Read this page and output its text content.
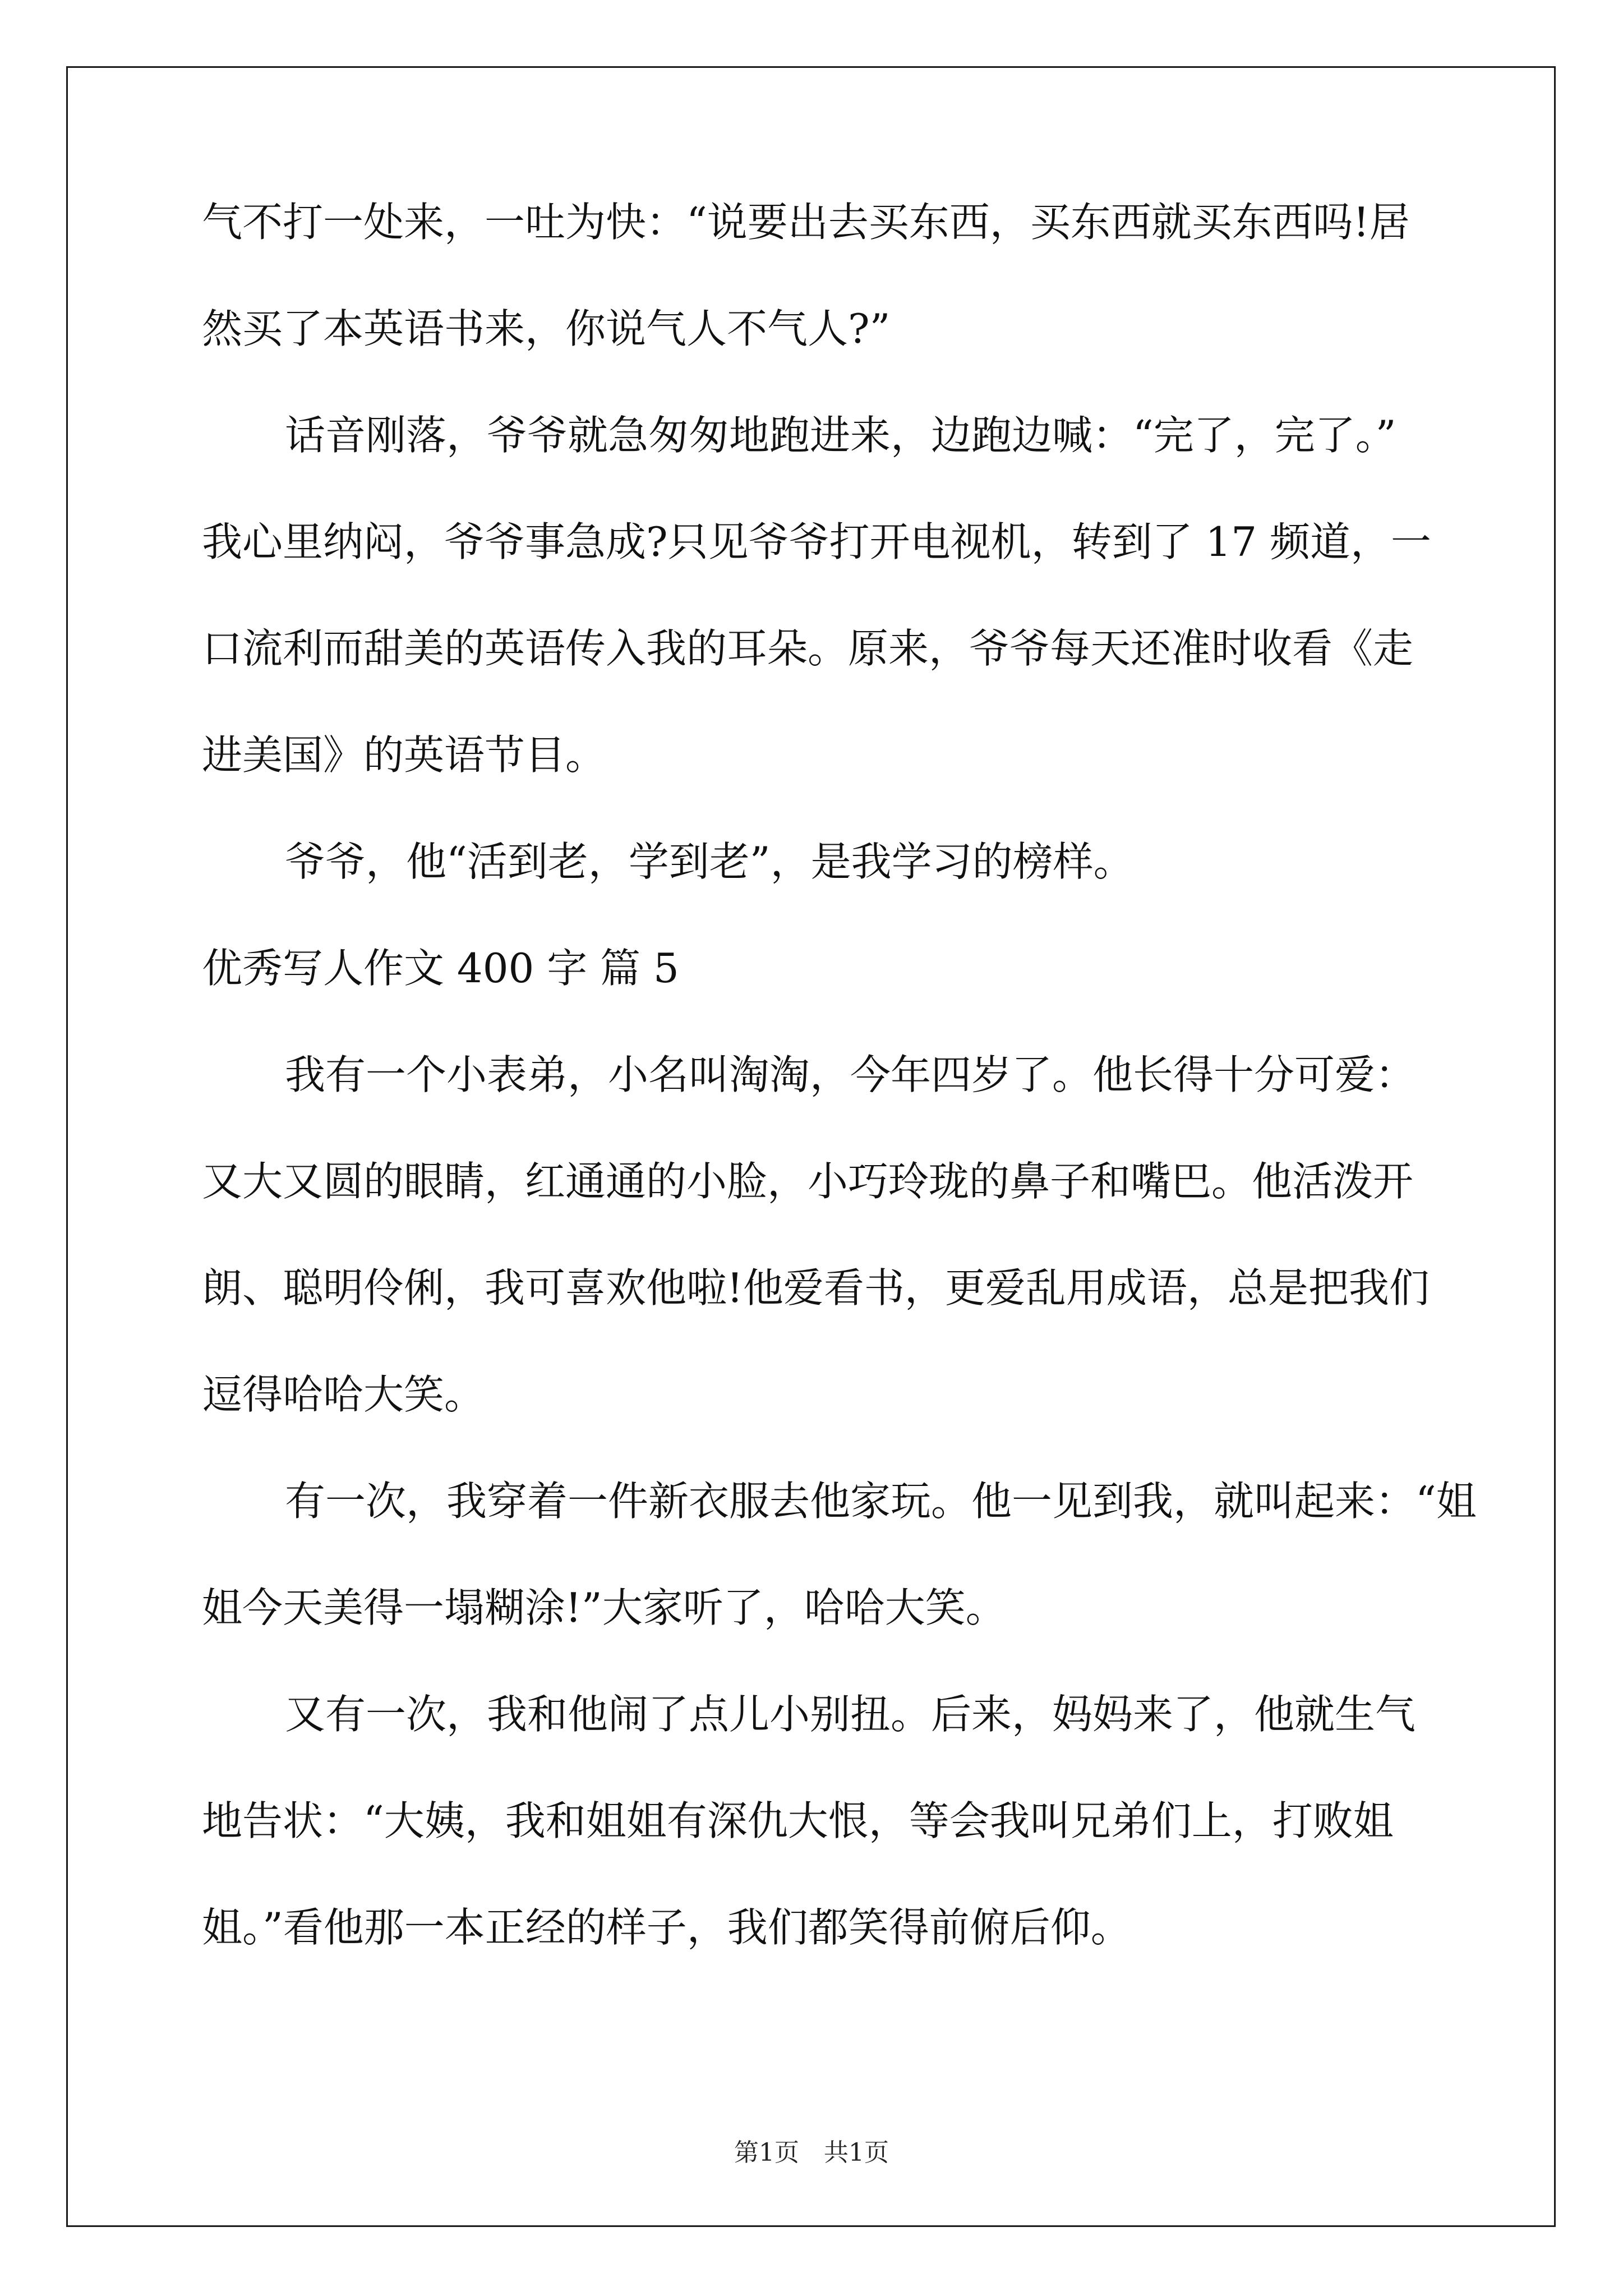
气不打一处来，一吐为快：“说要出去买东西，买东西就买东西吗!居
然买了本英语书来，你说气人不气人?”
话音刚落，爷爷就急匆匆地跑进来，边跑边喊：“完了，完了。”
我心里纳闷，爷爷事急成?只见爷爷打开电视机，转到了 17 频道，一
口流利而甜美的英语传入我的耳朵。原来，爷爷每天还准时收看《走
进美国》的英语节目。
爷爷，他“活到老，学到老”，是我学习的榜样。
优秀写人作文 400 字 篇 5
我有一个小表弟，小名叫淘淘，今年四岁了。他长得十分可爱：
又大又圆的眼睛，红通通的小脸，小巧玲珑的鼻子和嘴巴。他活泼开
朗、聪明伶俐，我可喜欢他啦!他爱看书，更爱乱用成语，总是把我们
逗得哈哈大笑。
有一次，我穿着一件新衣服去他家玩。他一见到我，就叫起来：“姐
姐今天美得一塌糊涂!”大家听了，哈哈大笑。
又有一次，我和他闹了点儿小别扭。后来，妈妈来了，他就生气
地告状：“大姨，我和姐姐有深仇大恨，等会我叫兄弟们上，打败姐
姐。”看他那一本正经的样子，我们都笑得前俯后仰。
第1页　共1页
